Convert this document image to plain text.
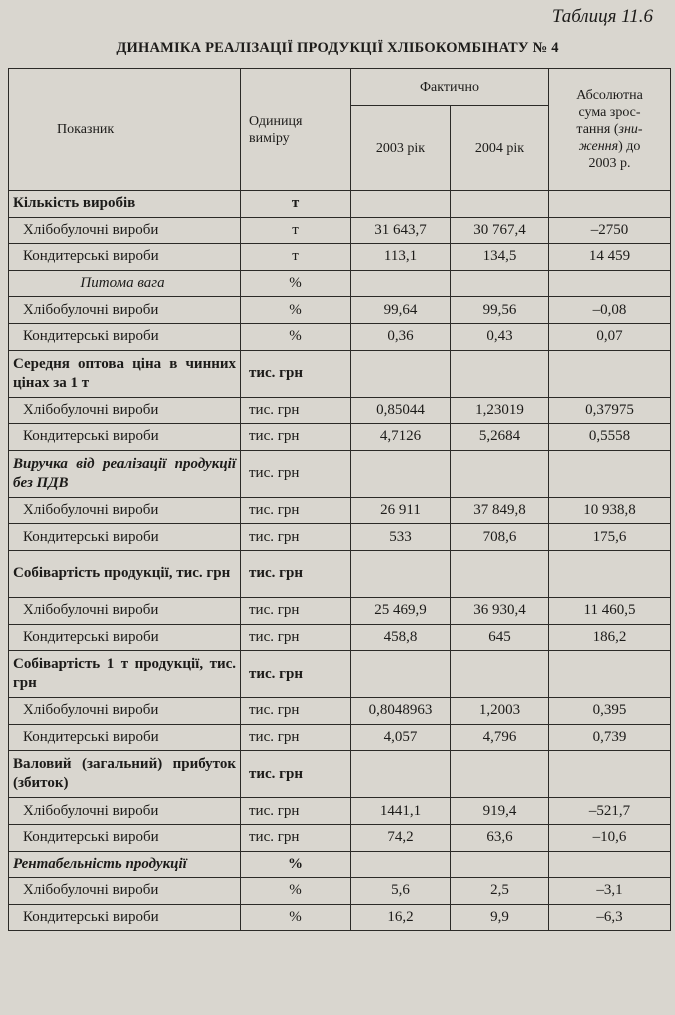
Таблиця 11.6
ДИНАМІКА РЕАЛІЗАЦІЇ ПРОДУКЦІЇ ХЛІБОКОМБІНАТУ № 4
Показник	Одиниця виміру	Фактично		Абсолютна
сума зрос-
тання (зни-
ження) до
2003 р.
		2003 рік	2004 рік	
Кількість виробів	т			
Хлібобулочні вироби	т	31 643,7	30 767,4	–2750
Кондитерські вироби	т	113,1	134,5	14 459
Питома вага	%			
Хлібобулочні вироби	%	99,64	99,56	–0,08
Кондитерські вироби	%	0,36	0,43	0,07
Середня оптова ціна в чинних цінах за 1 т	тис. грн			
Хлібобулочні вироби	тис. грн	0,85044	1,23019	0,37975
Кондитерські вироби	тис. грн	4,7126	5,2684	0,5558
Виручка від реалізації продукції без ПДВ	тис. грн			
Хлібобулочні вироби	тис. грн	26 911	37 849,8	10 938,8
Кондитерські вироби	тис. грн	533	708,6	175,6
Собівартість продукції, тис. грн	тис. грн			
Хлібобулочні вироби	тис. грн	25 469,9	36 930,4	11 460,5
Кондитерські вироби	тис. грн	458,8	645	186,2
Собівартість 1 т продукції, тис. грн	тис. грн			
Хлібобулочні вироби	тис. грн	0,8048963	1,2003	0,395
Кондитерські вироби	тис. грн	4,057	4,796	0,739
Валовий (загальний) прибуток (збиток)	тис. грн			
Хлібобулочні вироби	тис. грн	1441,1	919,4	–521,7
Кондитерські вироби	тис. грн	74,2	63,6	–10,6
Рентабельність продукції	%			
Хлібобулочні вироби	%	5,6	2,5	–3,1
Кондитерські вироби	%	16,2	9,9	–6,3
